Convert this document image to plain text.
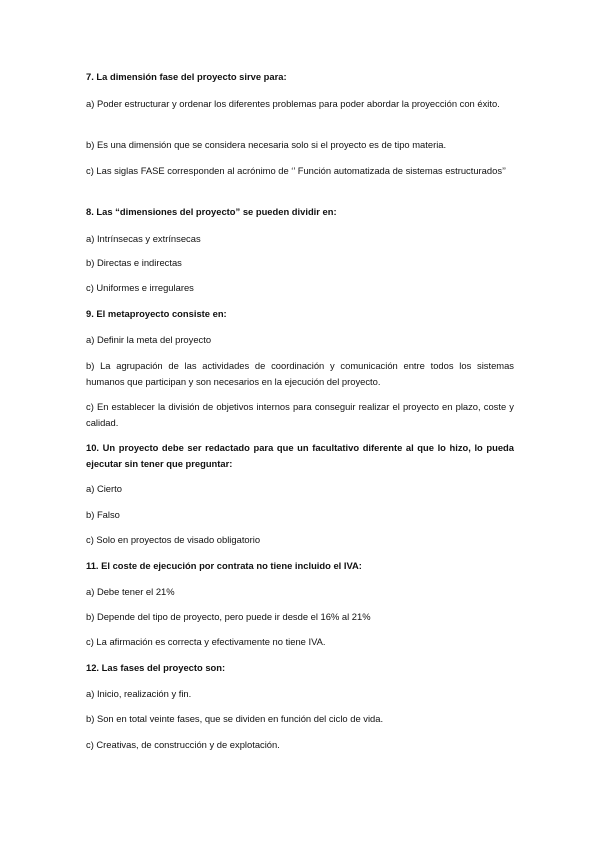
7. La dimensión fase del proyecto sirve para:

a) Poder estructurar y ordenar los diferentes problemas para poder abordar la proyección con éxito.

b) Es una dimensión que se considera necesaria solo si el proyecto es de tipo materia.

c) Las siglas FASE corresponden al acrónimo de ‘’ Función automatizada de sistemas estructurados’’

8. Las “dimensiones del proyecto” se pueden dividir en:

a) Intrínsecas y extrínsecas

b) Directas e indirectas

c) Uniformes e irregulares

9. El metaproyecto consiste en:

a) Definir la meta del proyecto

b) La agrupación de las actividades de coordinación y comunicación entre todos los sistemas humanos que participan y son necesarios en la ejecución del proyecto.

c) En establecer la división de objetivos internos para conseguir realizar el proyecto en plazo, coste y calidad.

10. Un proyecto debe ser redactado para que un facultativo diferente al que lo hizo, lo pueda ejecutar sin tener que preguntar:

a) Cierto

b) Falso

c) Solo en proyectos de visado obligatorio

11. El coste de ejecución por contrata no tiene incluido el IVA:

a) Debe tener el 21%

b) Depende del tipo de proyecto, pero puede ir desde el 16% al 21%

c) La afirmación es correcta y efectivamente no tiene IVA.

12. Las fases del proyecto son:

a) Inicio, realización y fin.

b) Son en total veinte fases, que se dividen en función del ciclo de vida.

c) Creativas, de construcción y de explotación.
